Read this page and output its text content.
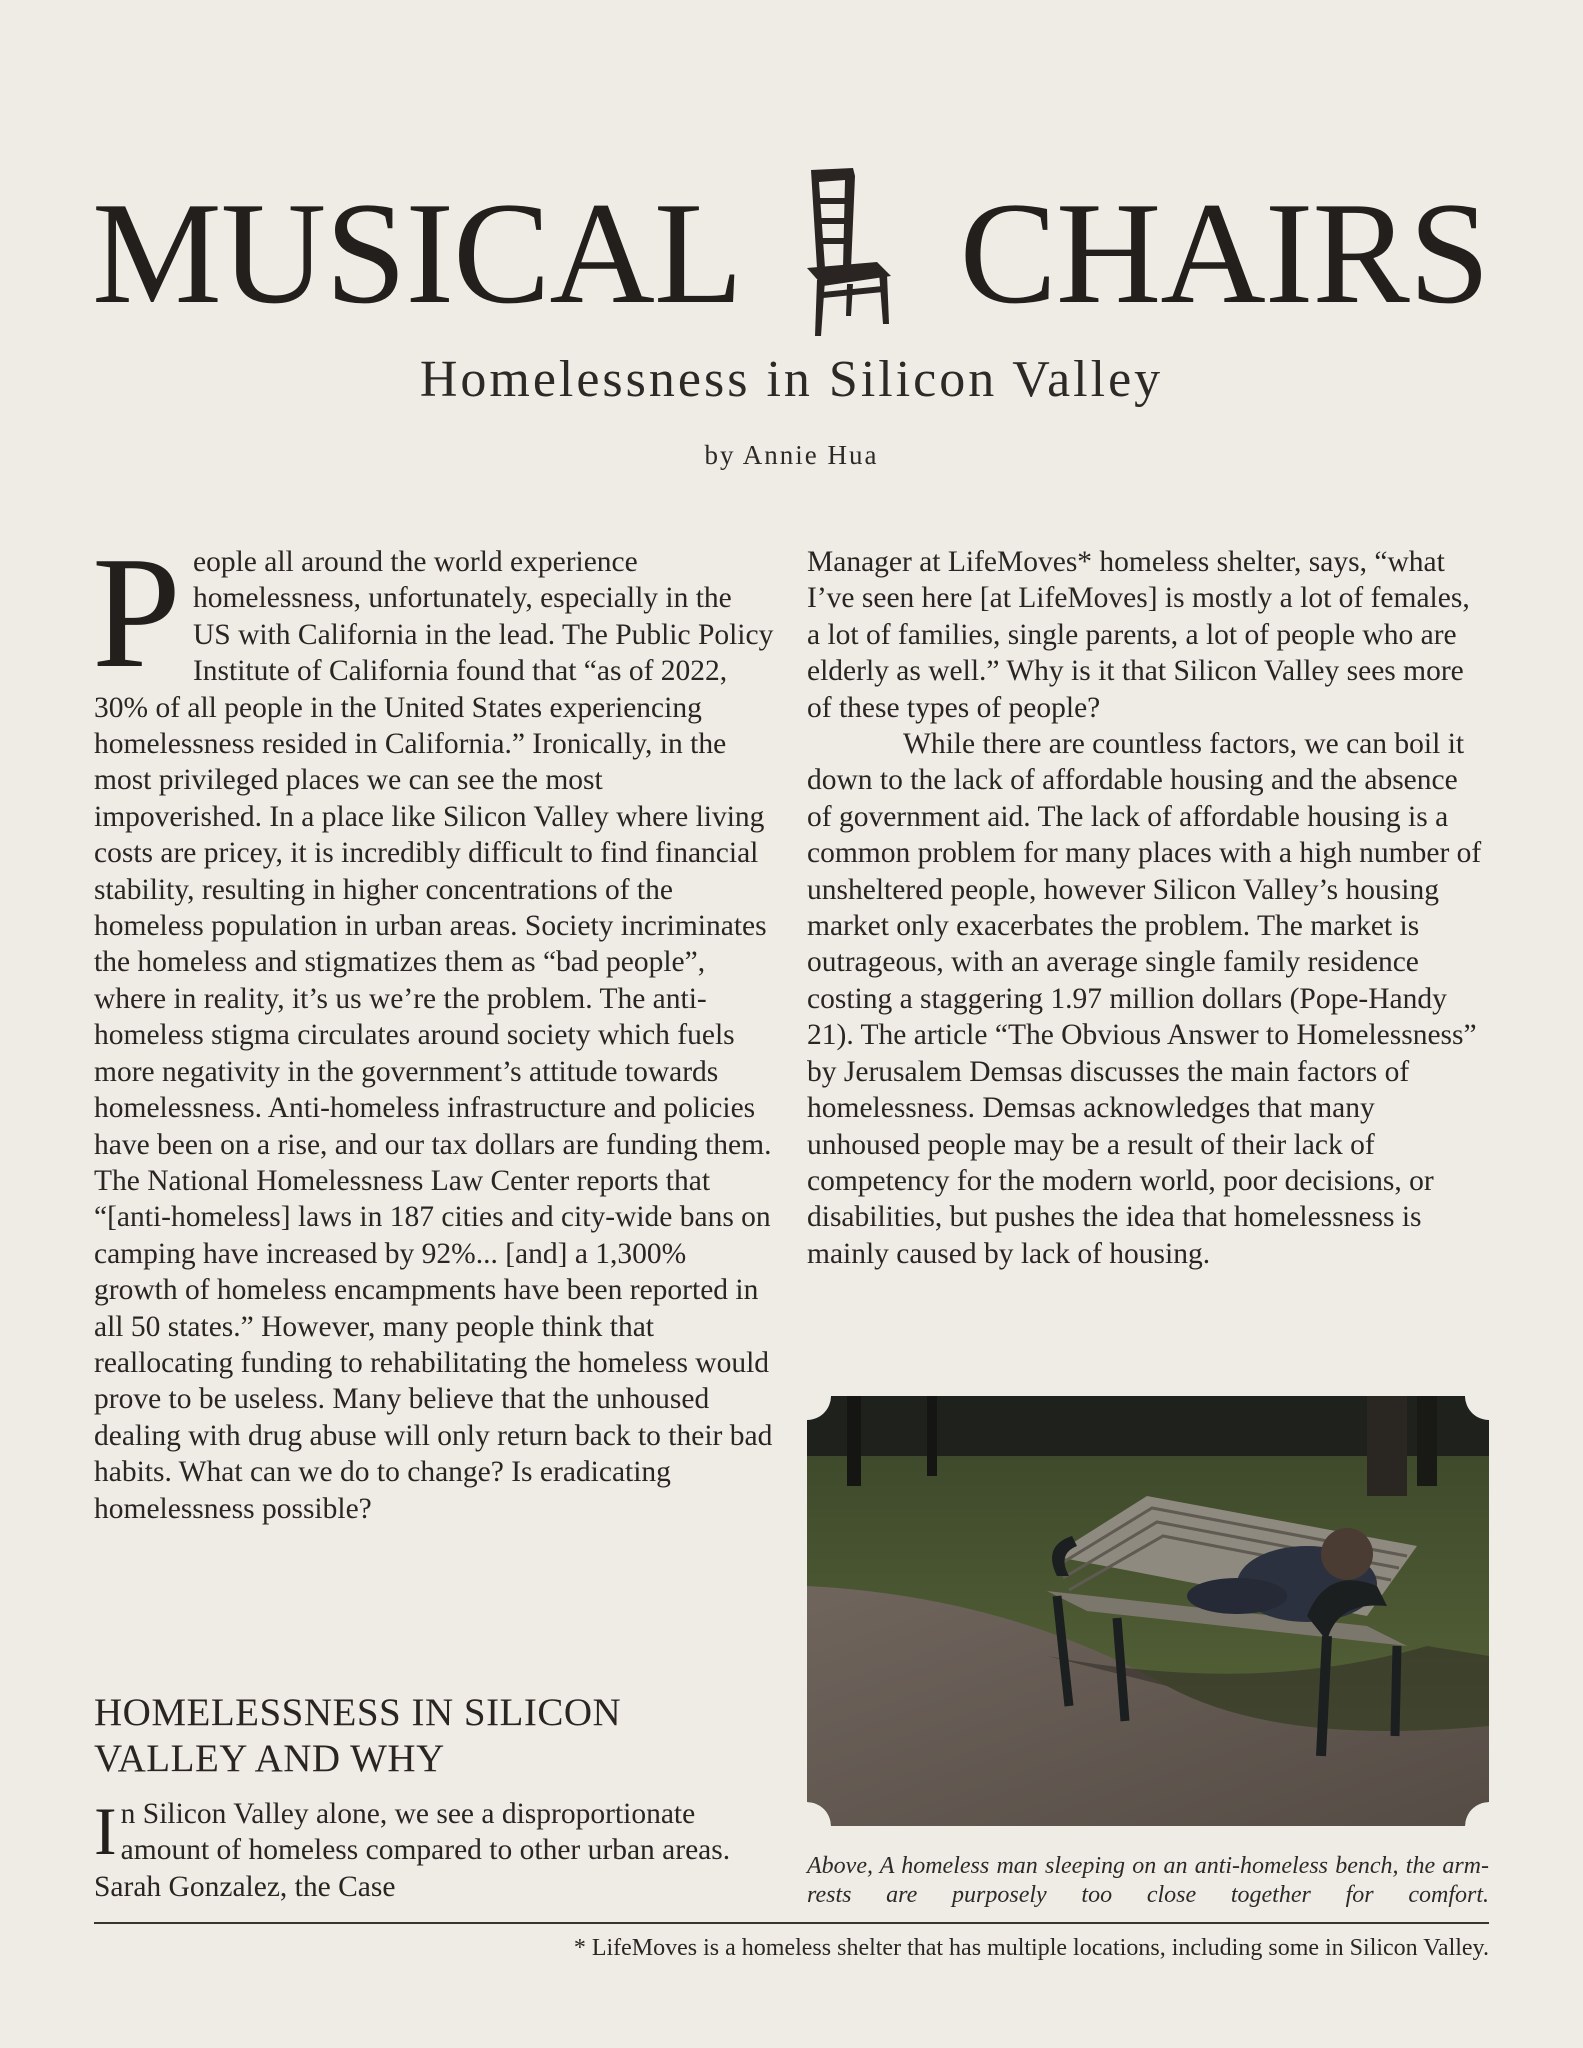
MUSICAL CHAIRS
Homelessness in Silicon Valley
by Annie Hua

People all around the world experience homelessness, unfortunately, especially in the US with California in the lead. The Public Policy Institute of California found that “as of 2022, 30% of all people in the United States experiencing homelessness resided in California.” Ironically, in the most privileged places we can see the most impoverished. In a place like Silicon Valley where living costs are pricey, it is incredibly difficult to find financial stability, resulting in higher concentrations of the homeless population in urban areas. Society incriminates the homeless and stigmatizes them as “bad people”, where in reality, it’s us we’re the problem. The anti-homeless stigma circulates around society which fuels more negativity in the government’s attitude towards homelessness. Anti-homeless infrastructure and policies have been on a rise, and our tax dollars are funding them. The National Homelessness Law Center reports that “[anti-homeless] laws in 187 cities and city-wide bans on camping have increased by 92%... [and] a 1,300% growth of homeless encampments have been reported in all 50 states.” However, many people think that reallocating funding to rehabilitating the homeless would prove to be useless. Many believe that the unhoused dealing with drug abuse will only return back to their bad habits. What can we do to change? Is eradicating homelessness possible?

HOMELESSNESS IN SILICON VALLEY AND WHY

In Silicon Valley alone, we see a disproportionate amount of homeless compared to other urban areas. Sarah Gonzalez, the Case

Manager at LifeMoves* homeless shelter, says, “what I’ve seen here [at LifeMoves] is mostly a lot of females, a lot of families, single parents, a lot of people who are elderly as well.” Why is it that Silicon Valley sees more of these types of people?

While there are countless factors, we can boil it down to the lack of affordable housing and the absence of government aid. The lack of affordable housing is a common problem for many places with a high number of unsheltered people, however Silicon Valley’s housing market only exacerbates the problem. The market is outrageous, with an average single family residence costing a staggering 1.97 million dollars (Pope-Handy 21). The article “The Obvious Answer to Homelessness” by Jerusalem Demsas discusses the main factors of homelessness. Demsas acknowledges that many unhoused people may be a result of their lack of competency for the modern world, poor decisions, or disabilities, but pushes the idea that homelessness is mainly caused by lack of housing.

Above, A homeless man sleeping on an anti-homeless bench, the arm-rests are purposely too close together for comfort.
* LifeMoves is a homeless shelter that has multiple locations, including some in Silicon Valley.
